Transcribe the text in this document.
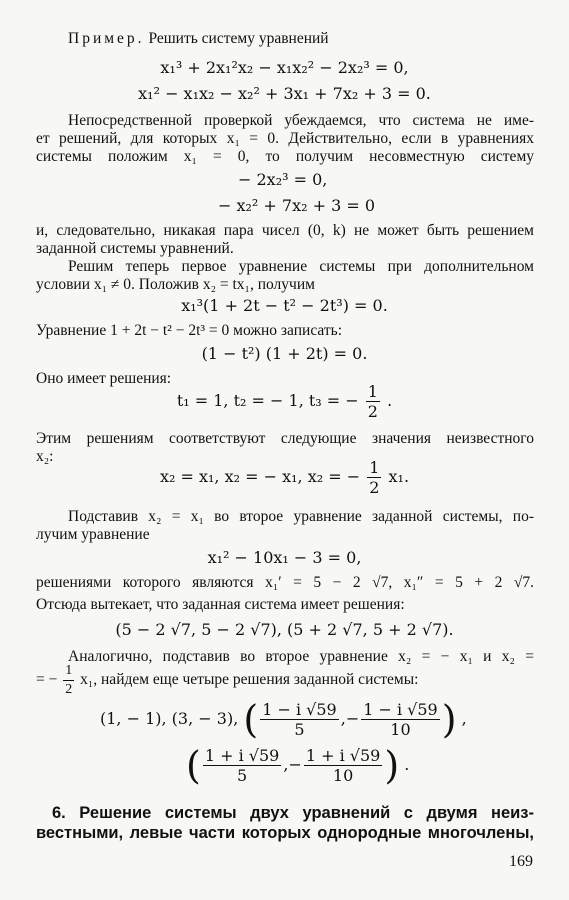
Пример. Решить систему уравнений
x₁³ + 2x₁²x₂ − x₁x₂² − 2x₂³ = 0,
x₁² − x₁x₂ − x₂² + 3x₁ + 7x₂ + 3 = 0.
Непосредственной проверкой убеждаемся, что система не име-
ет решений, для которых x₁ = 0. Действительно, если в уравнениях
системы положим x₁ = 0, то получим несовместную систему
− 2x₂³ = 0,
− x₂² + 7x₂ + 3 = 0
и, следовательно, никакая пара чисел (0, k) не может быть решением
заданной системы уравнений.
Решим теперь первое уравнение системы при дополнительном
условии x₁ ≠ 0. Положив x₂ = tx₁, получим
x₁³(1 + 2t − t² − 2t³) = 0.
Уравнение 1 + 2t − t² − 2t³ = 0 можно записать:
(1 − t²) (1 + 2t) = 0.
Оно имеет решения:
t₁ = 1, t₂ = − 1, t₃ = − $\frac{1}{2}$ .
Этим решениям соответствуют следующие значения неизвестного
x₂:
x₂ = x₁, x₂ = − x₁, x₂ = − $\frac{1}{2} x_1$.
Подставив x₂ = x₁ во второе уравнение заданной системы, по-
лучим уравнение
x₁² − 10x₁ − 3 = 0,
решениями которого являются x₁′ = 5 − 2 √7, x₁″ = 5 + 2 √7.
Отсюда вытекает, что заданная система имеет решения:
(5 − 2 √7, 5 − 2 √7), (5 + 2 √7, 5 + 2 √7).
Аналогично, подставив во второе уравнение x₂ = − x₁ и x₂ =
= − $\frac{1}{2} x_1$, найдем еще четыре решения заданной системы:
(1, − 1), (3, − 3), ( $\frac{1 - i √59}{5}$ ,− $\frac{1 - i √59}{10}$ ) ,
( $\frac{1 + i √59}{5}$ ,− $\frac{1 + i √59}{10}$ ) .
6. Решение системы двух уравнений с двумя неиз-
вестными, левые части которых однородные многочлены,
169
